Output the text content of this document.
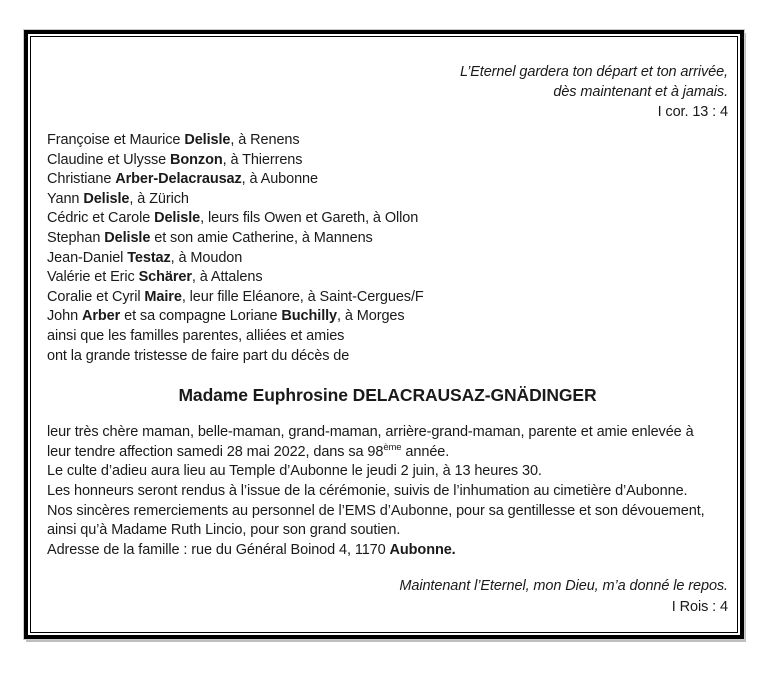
L’Eternel gardera ton départ et ton arrivée,
dès maintenant et à jamais.
I cor. 13 : 4
Françoise et Maurice Delisle, à Renens
Claudine et Ulysse Bonzon, à Thierrens
Christiane Arber-Delacrausaz, à Aubonne
Yann Delisle, à Zürich
Cédric et Carole Delisle, leurs fils Owen et Gareth, à Ollon
Stephan Delisle et son amie Catherine, à Mannens
Jean-Daniel Testaz, à Moudon
Valérie et Eric Schärer, à Attalens
Coralie et Cyril Maire, leur fille Eléanore, à Saint-Cergues/F
John Arber et sa compagne Loriane Buchilly, à Morges
ainsi que les familles parentes, alliées et amies
ont la grande tristesse de faire part du décès de
Madame Euphrosine DELACRAUSAZ-GNÄDINGER
leur très chère maman, belle-maman, grand-maman, arrière-grand-maman, parente et amie enlevée à
leur tendre affection samedi 28 mai 2022, dans sa 98ème année.
Le culte d’adieu aura lieu au Temple d’Aubonne le jeudi 2 juin, à 13 heures 30.
Les honneurs seront rendus à l’issue de la cérémonie, suivis de l’inhumation au cimetière d’Aubonne.
Nos sincères remerciements au personnel de l’EMS d’Aubonne, pour sa gentillesse et son dévouement,
ainsi qu’à Madame Ruth Lincio, pour son grand soutien.
Adresse de la famille : rue du Général Boinod 4, 1170 Aubonne.
Maintenant l’Eternel, mon Dieu, m’a donné le repos.
I Rois : 4
